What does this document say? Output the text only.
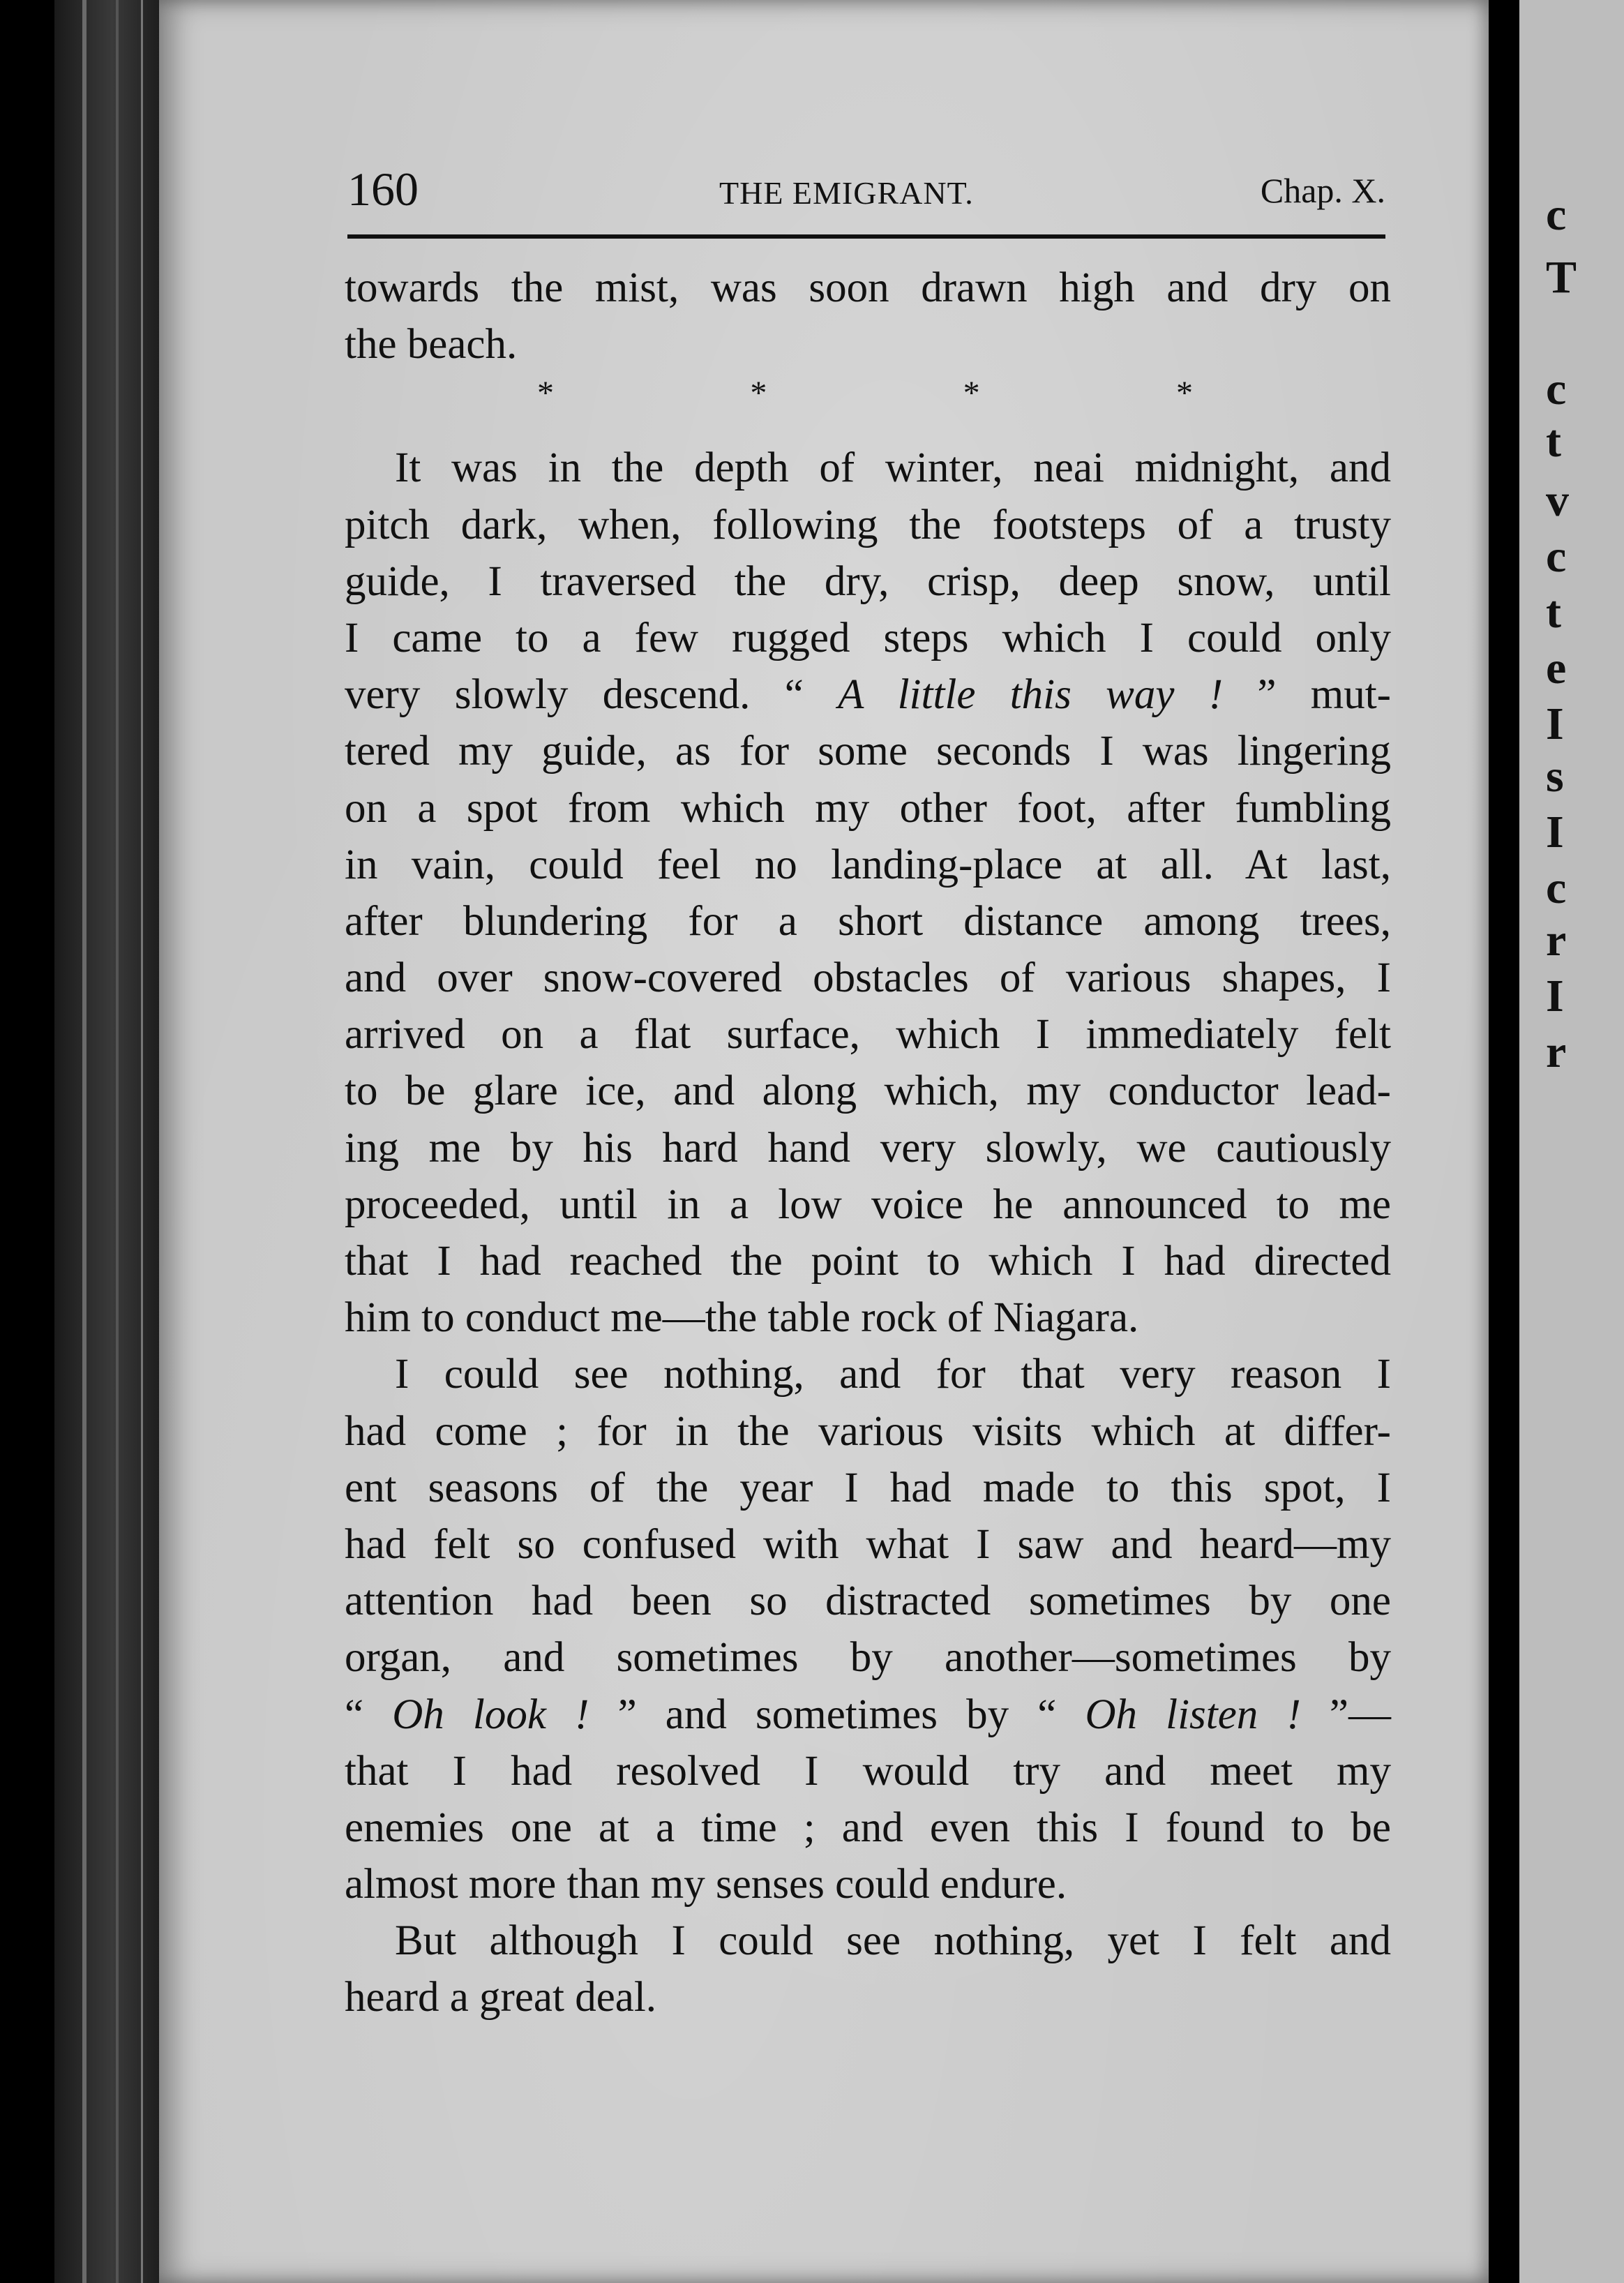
c
T
c
t
v
c
t
e
I
s
I
c
r
I
r
160	THE EMIGRANT.	Chap. X.
*	*	*	*
towards the mist, was soon drawn high and dry on
the beach.
It was in the depth of winter, neai midnight, and
pitch dark, when, following the footsteps of a trusty
guide, I traversed the dry, crisp, deep snow, until
I came to a few rugged steps which I could only
very slowly descend. “ A little this way ! ” mut-
tered my guide, as for some seconds I was lingering
on a spot from which my other foot, after fumbling
in vain, could feel no landing-place at all. At last,
after blundering for a short distance among trees,
and over snow-covered obstacles of various shapes, I
arrived on a flat surface, which I immediately felt
to be glare ice, and along which, my conductor lead-
ing me by his hard hand very slowly, we cautiously
proceeded, until in a low voice he announced to me
that I had reached the point to which I had directed
him to conduct me—the table rock of Niagara.
I could see nothing, and for that very reason I
had come ; for in the various visits which at differ-
ent seasons of the year I had made to this spot, I
had felt so confused with what I saw and heard—my
attention had been so distracted sometimes by one
organ, and sometimes by another—sometimes by
“ Oh look ! ” and sometimes by “ Oh listen ! ”—
that I had resolved I would try and meet my
enemies one at a time ; and even this I found to be
almost more than my senses could endure.
But although I could see nothing, yet I felt and
heard a great deal.
